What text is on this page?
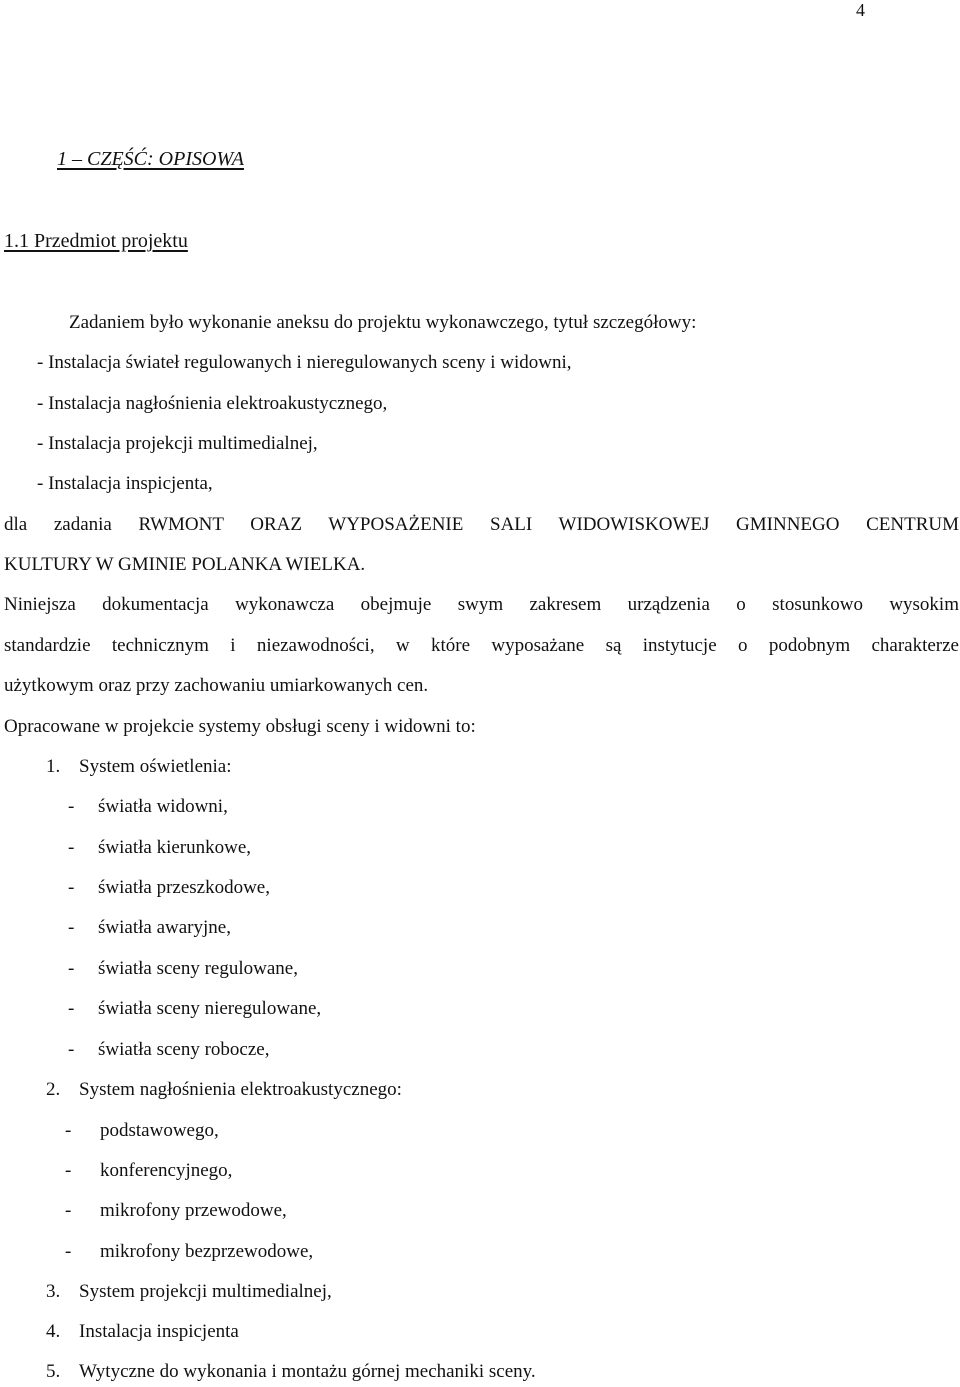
4
1 – CZĘŚĆ: OPISOWA
1.1 Przedmiot projektu
Zadaniem było wykonanie aneksu do projektu wykonawczego, tytuł szczegółowy:
- Instalacja świateł regulowanych i nieregulowanych sceny i widowni,
- Instalacja nagłośnienia elektroakustycznego,
- Instalacja projekcji multimedialnej,
- Instalacja inspicjenta,
dla zadania RWMONT ORAZ WYPOSAŻENIE SALI WIDOWISKOWEJ GMINNEGO CENTRUM
KULTURY W GMINIE POLANKA WIELKA.
Niniejsza dokumentacja wykonawcza obejmuje swym zakresem urządzenia o stosunkowo wysokim
standardzie technicznym i niezawodności, w które wyposażane są instytucje o podobnym charakterze
użytkowym oraz przy zachowaniu umiarkowanych cen.
Opracowane w projekcie systemy obsługi sceny i widowni to:
1. System oświetlenia:
- światła widowni,
- światła kierunkowe,
- światła przeszkodowe,
- światła awaryjne,
- światła sceny regulowane,
- światła sceny nieregulowane,
- światła sceny robocze,
2. System nagłośnienia elektroakustycznego:
- podstawowego,
- konferencyjnego,
- mikrofony przewodowe,
- mikrofony bezprzewodowe,
3. System projekcji multimedialnej,
4. Instalacja inspicjenta
5. Wytyczne do wykonania i montażu górnej mechaniki sceny.
